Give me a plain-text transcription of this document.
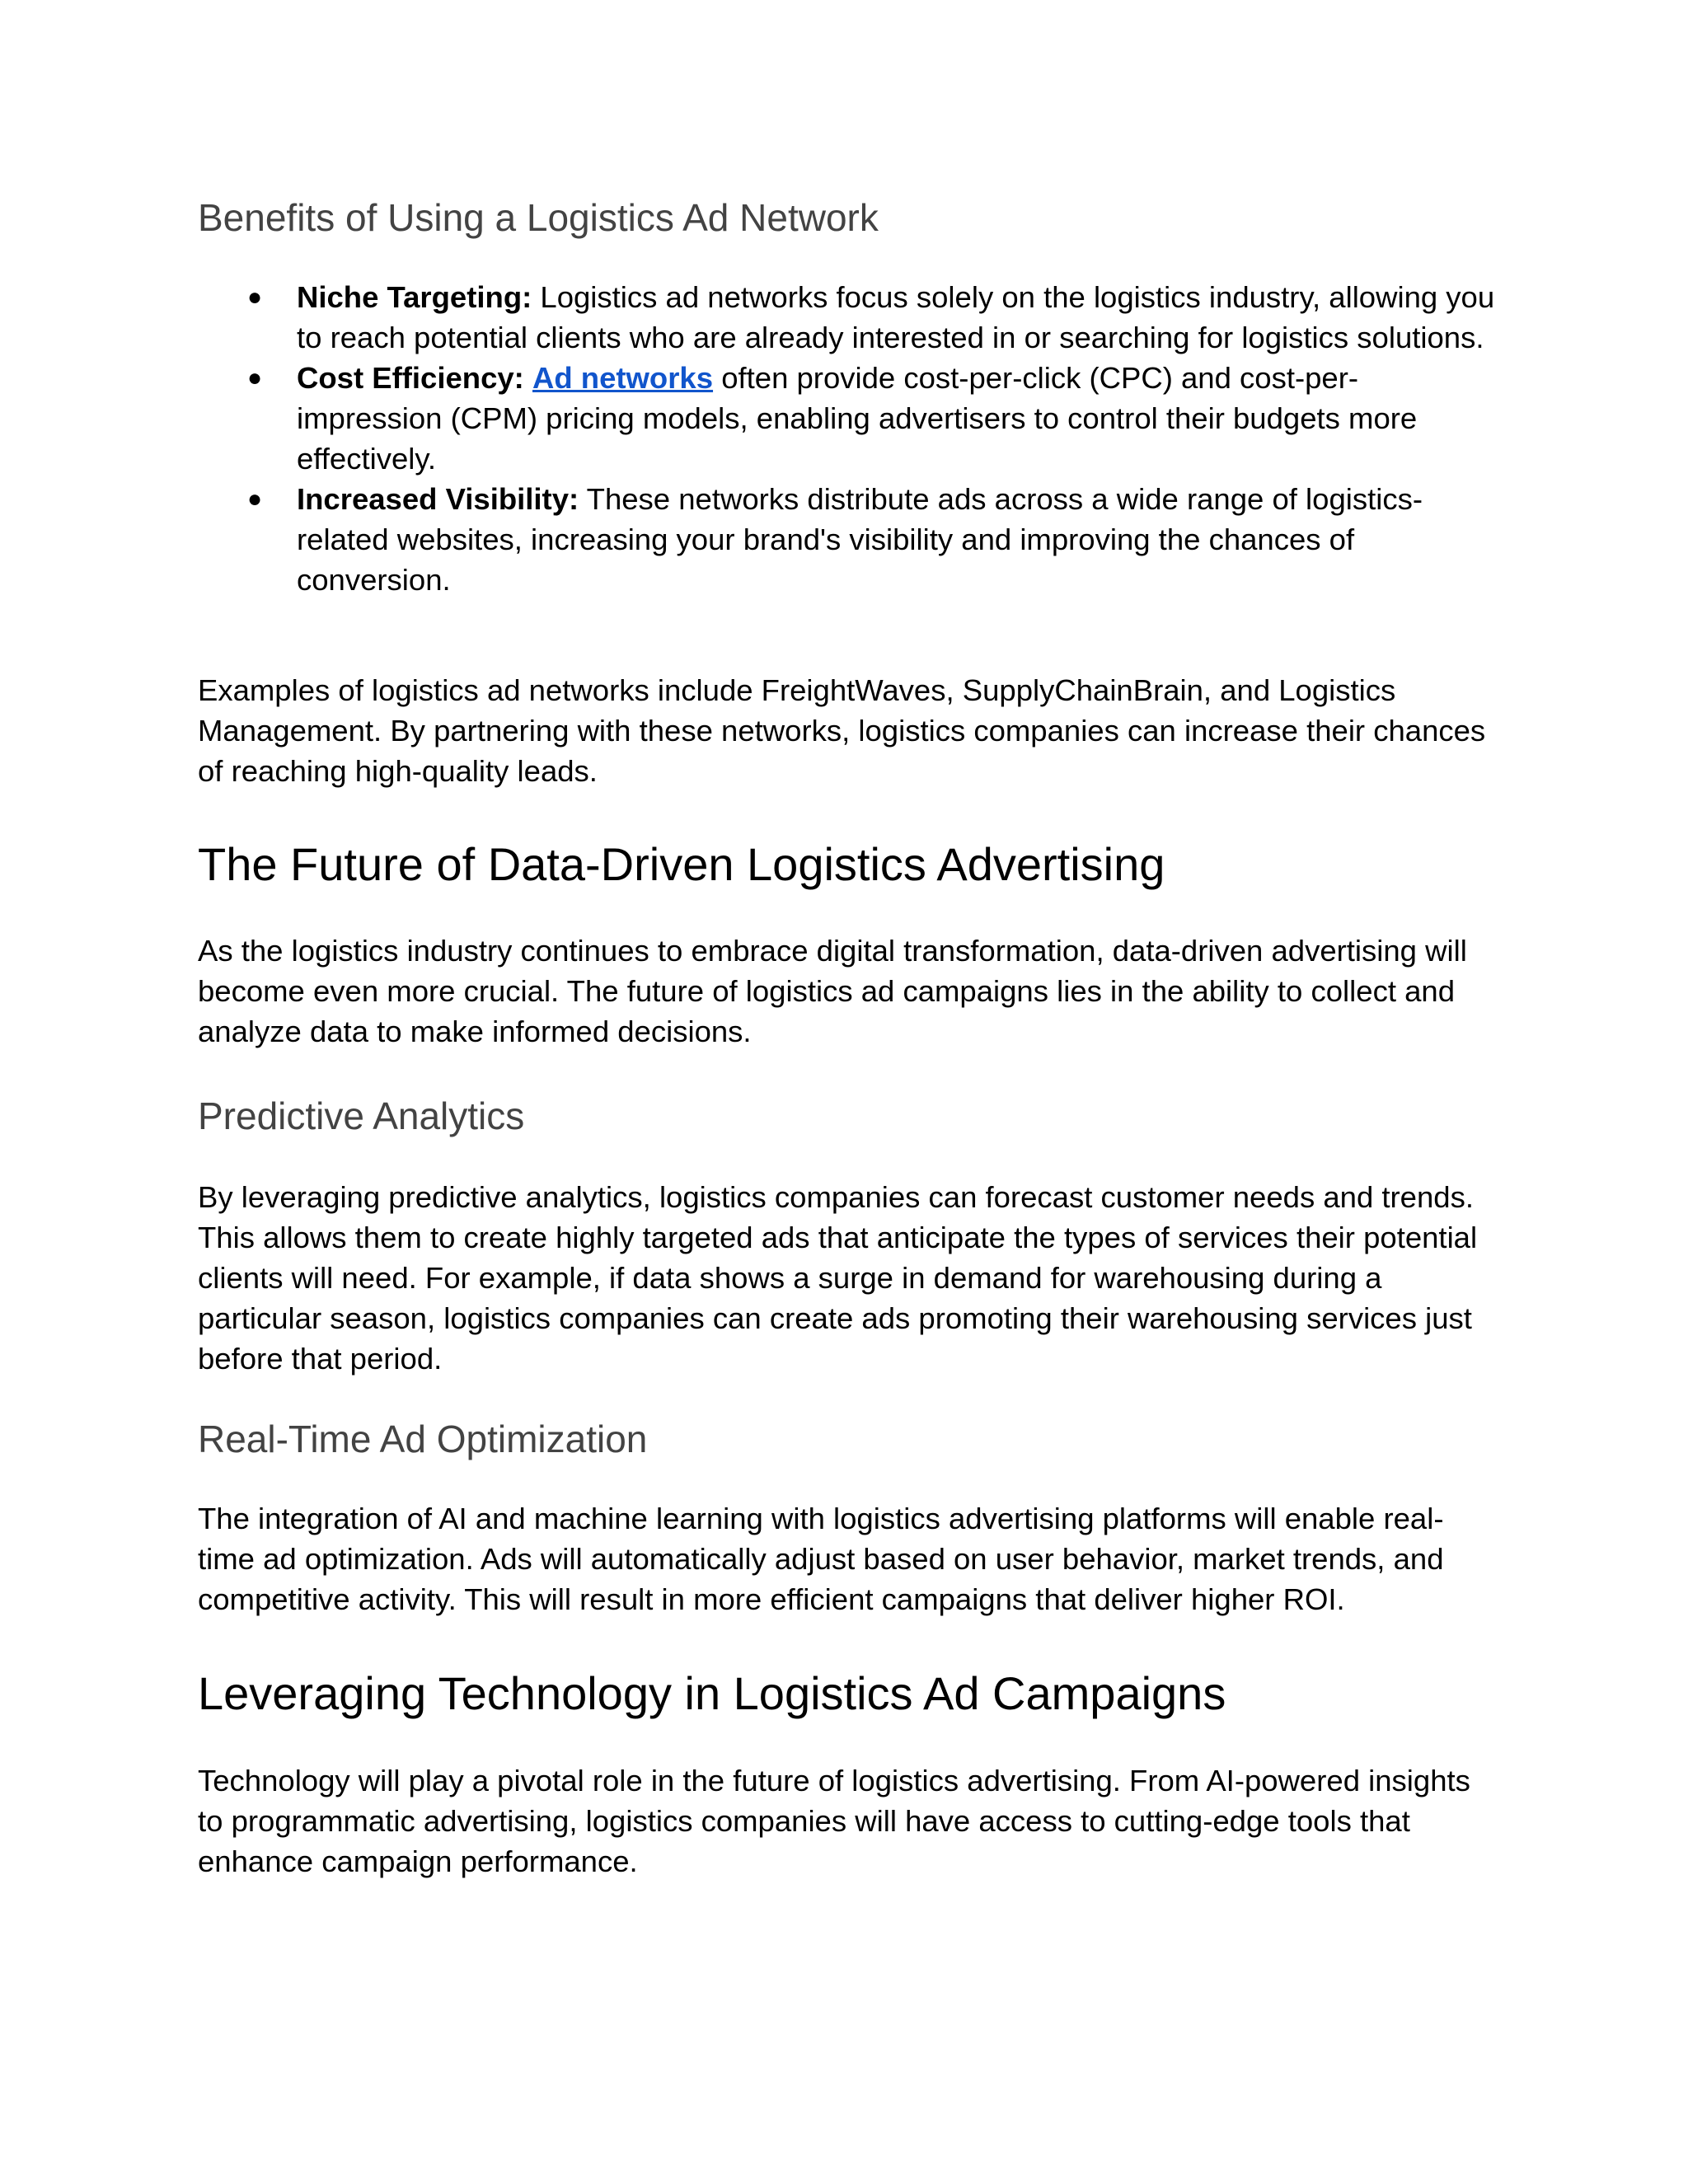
Benefits of Using a Logistics Ad Network
● Niche Targeting: Logistics ad networks focus solely on the logistics industry, allowing you to reach potential clients who are already interested in or searching for logistics solutions.
● Cost Efficiency: Ad networks often provide cost-per-click (CPC) and cost-per-impression (CPM) pricing models, enabling advertisers to control their budgets more effectively.
● Increased Visibility: These networks distribute ads across a wide range of logistics-related websites, increasing your brand's visibility and improving the chances of conversion.

Examples of logistics ad networks include FreightWaves, SupplyChainBrain, and Logistics Management. By partnering with these networks, logistics companies can increase their chances of reaching high-quality leads.

The Future of Data-Driven Logistics Advertising

As the logistics industry continues to embrace digital transformation, data-driven advertising will become even more crucial. The future of logistics ad campaigns lies in the ability to collect and analyze data to make informed decisions.

Predictive Analytics

By leveraging predictive analytics, logistics companies can forecast customer needs and trends. This allows them to create highly targeted ads that anticipate the types of services their potential clients will need. For example, if data shows a surge in demand for warehousing during a particular season, logistics companies can create ads promoting their warehousing services just before that period.

Real-Time Ad Optimization

The integration of AI and machine learning with logistics advertising platforms will enable real-time ad optimization. Ads will automatically adjust based on user behavior, market trends, and competitive activity. This will result in more efficient campaigns that deliver higher ROI.

Leveraging Technology in Logistics Ad Campaigns

Technology will play a pivotal role in the future of logistics advertising. From AI-powered insights to programmatic advertising, logistics companies will have access to cutting-edge tools that enhance campaign performance.
